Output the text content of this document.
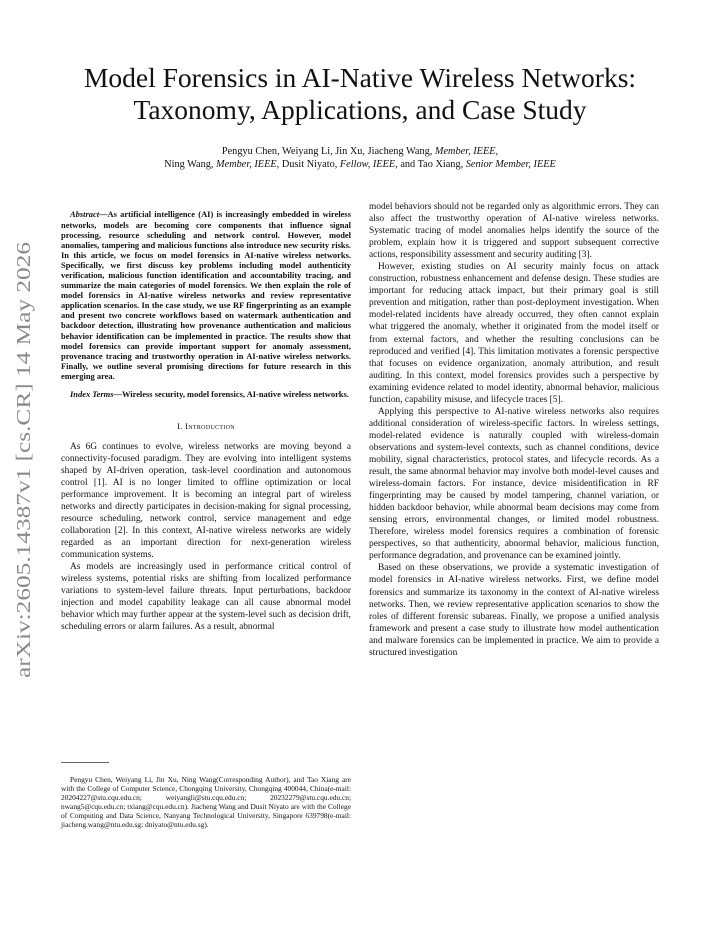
arXiv:2605.14387v1 [cs.CR] 14 May 2026
Model Forensics in AI-Native Wireless Networks:
Taxonomy, Applications, and Case Study
Pengyu Chen, Weiyang Li, Jin Xu, Jiacheng Wang, Member, IEEE,
Ning Wang, Member, IEEE, Dusit Niyato, Fellow, IEEE, and Tao Xiang, Senior Member, IEEE

Abstract—As artificial intelligence (AI) is increasingly embedded in wireless networks, models are becoming core components that influence signal processing, resource scheduling and network control. However, model anomalies, tampering and malicious functions also introduce new security risks. In this article, we focus on model forensics in AI-native wireless networks. Specifically, we first discuss key problems including model authenticity verification, malicious function identification and accountability tracing, and summarize the main categories of model forensics. We then explain the role of model forensics in AI-native wireless networks and review representative application scenarios. In the case study, we use RF fingerprinting as an example and present two concrete workflows based on watermark authentication and backdoor detection, illustrating how provenance authentication and malicious behavior identification can be implemented in practice. The results show that model forensics can provide important support for anomaly assessment, provenance tracing and trustworthy operation in AI-native wireless networks. Finally, we outline several promising directions for future research in this emerging area.

Index Terms—Wireless security, model forensics, AI-native wireless networks.

I. Introduction

As 6G continues to evolve, wireless networks are moving beyond a connectivity-focused paradigm. They are evolving into intelligent systems shaped by AI-driven operation, task-level coordination and autonomous control [1]. AI is no longer limited to offline optimization or local performance improvement. It is becoming an integral part of wireless networks and directly participates in decision-making for signal processing, resource scheduling, network control, service management and edge collaboration [2]. In this context, AI-native wireless networks are widely regarded as an important direction for next-generation wireless communication systems.

As models are increasingly used in performance critical control of wireless systems, potential risks are shifting from localized performance variations to system-level failure threats. Input perturbations, backdoor injection and model capability leakage can all cause abnormal model behavior which may further appear at the system-level such as decision drift, scheduling errors or alarm failures. As a result, abnormal

Pengyu Chen, Weiyang Li, Jin Xu, Ning Wang(Corresponding Author), and Tao Xiang are with the College of Computer Science, Chongqing University, Chongqing 400044, China(e-mail: 20204227@stu.cqu.edu.cn; weiyangli@stu.cqu.edu.cn; 20232279@stu.cqu.edu.cn; nwang5@cqu.edu.cn; txiang@cqu.edu.cn). Jiacheng Wang and Dusit Niyato are with the College of Computing and Data Science, Nanyang Technological University, Singapore 639798(e-mail: jiacheng.wang@ntu.edu.sg; dniyato@ntu.edu.sg).

model behaviors should not be regarded only as algorithmic errors. They can also affect the trustworthy operation of AI-native wireless networks. Systematic tracing of model anomalies helps identify the source of the problem, explain how it is triggered and support subsequent corrective actions, responsibility assessment and security auditing [3].

However, existing studies on AI security mainly focus on attack construction, robustness enhancement and defense design. These studies are important for reducing attack impact, but their primary goal is still prevention and mitigation, rather than post-deployment investigation. When model-related incidents have already occurred, they often cannot explain what triggered the anomaly, whether it originated from the model itself or from external factors, and whether the resulting conclusions can be reproduced and verified [4]. This limitation motivates a forensic perspective that focuses on evidence organization, anomaly attribution, and result auditing. In this context, model forensics provides such a perspective by examining evidence related to model identity, abnormal behavior, malicious function, capability misuse, and lifecycle traces [5].

Applying this perspective to AI-native wireless networks also requires additional consideration of wireless-specific factors. In wireless settings, model-related evidence is naturally coupled with wireless-domain observations and system-level contexts, such as channel conditions, device mobility, signal characteristics, protocol states, and lifecycle records. As a result, the same abnormal behavior may involve both model-level causes and wireless-domain factors. For instance, device misidentification in RF fingerprinting may be caused by model tampering, channel variation, or hidden backdoor behavior, while abnormal beam decisions may come from sensing errors, environmental changes, or limited model robustness. Therefore, wireless model forensics requires a combination of forensic perspectives, so that authenticity, abnormal behavior, malicious function, performance degradation, and provenance can be examined jointly.

Based on these observations, we provide a systematic investigation of model forensics in AI-native wireless networks. First, we define model forensics and summarize its taxonomy in the context of AI-native wireless networks. Then, we review representative application scenarios to show the roles of different forensic subareas. Finally, we propose a unified analysis framework and present a case study to illustrate how model authentication and malware forensics can be implemented in practice. We aim to provide a structured investigation
